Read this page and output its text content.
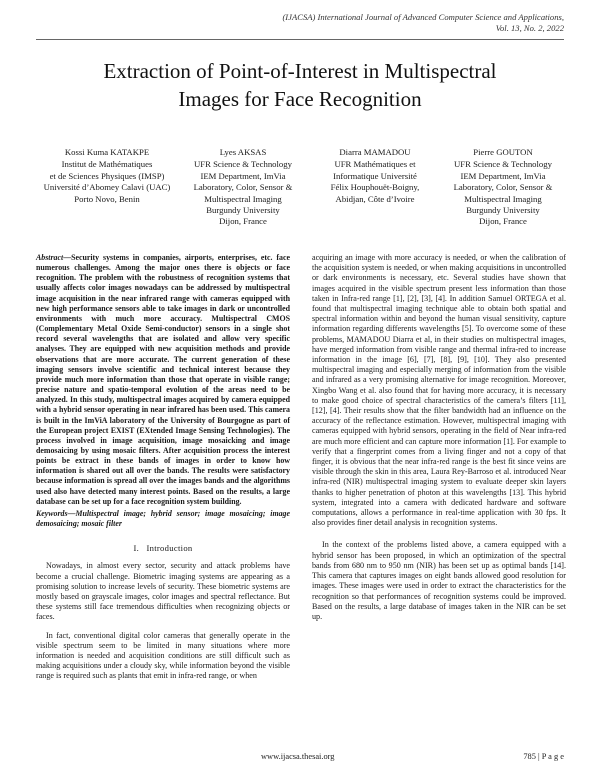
(IJACSA) International Journal of Advanced Computer Science and Applications,
Vol. 13, No. 2, 2022
Extraction of Point-of-Interest in Multispectral
Images for Face Recognition
Kossi Kuma KATAKPE
Institut de Mathématiques
et de Sciences Physiques (IMSP)
Université d’Abomey Calavi (UAC)
Porto Novo, Benin
Lyes AKSAS
UFR Science & Technology
IEM Department, ImVia
Laboratory, Color, Sensor &
Multispectral Imaging
Burgundy University
Dijon, France
Diarra MAMADOU
UFR Mathématiques et
Informatique Université
Félix Houphouët-Boigny,
Abidjan, Côte d’Ivoire
Pierre GOUTON
UFR Science & Technology
IEM Department, ImVia
Laboratory, Color, Sensor &
Multispectral Imaging
Burgundy University
Dijon, France

Abstract—Security systems in companies, airports, enterprises, etc. face numerous challenges. Among the major ones there is objects or face recognition. The problem with the robustness of recognition systems that usually affects color images nowadays can be addressed by multispectral image acquisition in the near infrared range with cameras equipped with new high performance sensors able to take images in dark or uncontrolled environments with much more accuracy. Multispectral CMOS (Complementary Metal Oxide Semi-conductor) sensors in a single shot record several wavelengths that are isolated and allow very specific analyses. They are equipped with new acquisition methods and provide observations that are more accurate. The current generation of these imaging sensors involve scientific and technical interest because they provide much more information than those that operate in visible range; precise nature and spatio-temporal evolution of the areas need to be analyzed. In this study, multispectral images acquired by camera equipped with a hybrid sensor operating in near infrared has been used. This camera is built in the ImViA laboratory of the University of Bourgogne as part of the European project EXIST (EXtended Image Sensing Technologies). The process involved in image acquisition, image mosaicking and image demosaicing by using mosaic filters. After acquisition process the interest points be extract in these bands of images in order to know how information is shared out all over the bands. The results were satisfactory because information is spread all over the images bands and the algorithms used also have detected many interest points. Based on the results, a large database can be set up for a face recognition system building.

Keywords—Multispectral image; hybrid sensor; image mosaicing; image demosaicing; mosaic filter

I. Introduction

Nowadays, in almost every sector, security and attack problems have become a crucial challenge. Biometric imaging systems are appearing as a promising solution to increase levels of security. These biometric systems are mostly based on grayscale images, color images and spectral reflectance. But these systems still face tremendous difficulties when recognizing objects or faces.

In fact, conventional digital color cameras that generally operate in the visible spectrum seem to be limited in many situations where more information is needed and acquisition conditions are still difficult such as making acquisitions under a cloudy sky, while information beyond the visible range is required such as plants that emit in infra-red range, or when

acquiring an image with more accuracy is needed, or when the calibration of the acquisition system is needed, or when making acquisitions in uncontrolled or dark environments is necessary, etc. Several studies have shown that images acquired in the visible spectrum present less information than those taken in Infra-red range [1], [2], [3], [4]. In addition Samuel ORTEGA et al. found that multispectral imaging technique able to obtain both spatial and spectral information within and beyond the human visual sensitivity, capture information regarding differents wavelengths [5]. To overcome some of these problems, MAMADOU Diarra et al, in their studies on multispectral images, have merged information from visible range and thermal infra-red to increase information in the image [6], [7], [8], [9], [10]. They also presented multispectral imaging and especially merging of information from the visible and infrared as a very promising alternative for image recognition. Moreover, Xingbo Wang et al. also found that for having more accuracy, it is necessary to make good choice of spectral characteristics of the camera’s filters [11], [12], [4]. Their results show that the filter bandwidth had an influence on the accuracy of the reflectance estimation. However, multispectral imaging with cameras equipped with hybrid sensors, operating in the field of Near infra-red are much more efficient and can capture more information [1]. For example to verify that a fingerprint comes from a living finger and not a copy of that finger, it is obvious that the near infra-red range is the best fit since veins are visible through the skin in this area, Laura Rey-Barroso et al. introduced Near infra-red (NIR) multispectral imaging system to evaluate deeper skin layers thanks to higher penetration of photon at this wavelengths [13]. This hybrid system, integrated into a camera with dedicated hardware and software computations, allows a performance in real-time application with 30 fps. It also provides finer detail analysis in recognition systems.

In the context of the problems listed above, a camera equipped with a hybrid sensor has been proposed, in which an optimization of the spectral bands from 680 nm to 950 nm (NIR) has been set up as optimal bands [14]. This camera that captures images on eight bands allowed good resolution for images. These images were used in order to extract the characteristics for the recognition so that performances of recognition systems could be improved. Based on the results, a large database of images taken in the NIR can be set up.

www.ijacsa.thesai.org	785 | P a g e
